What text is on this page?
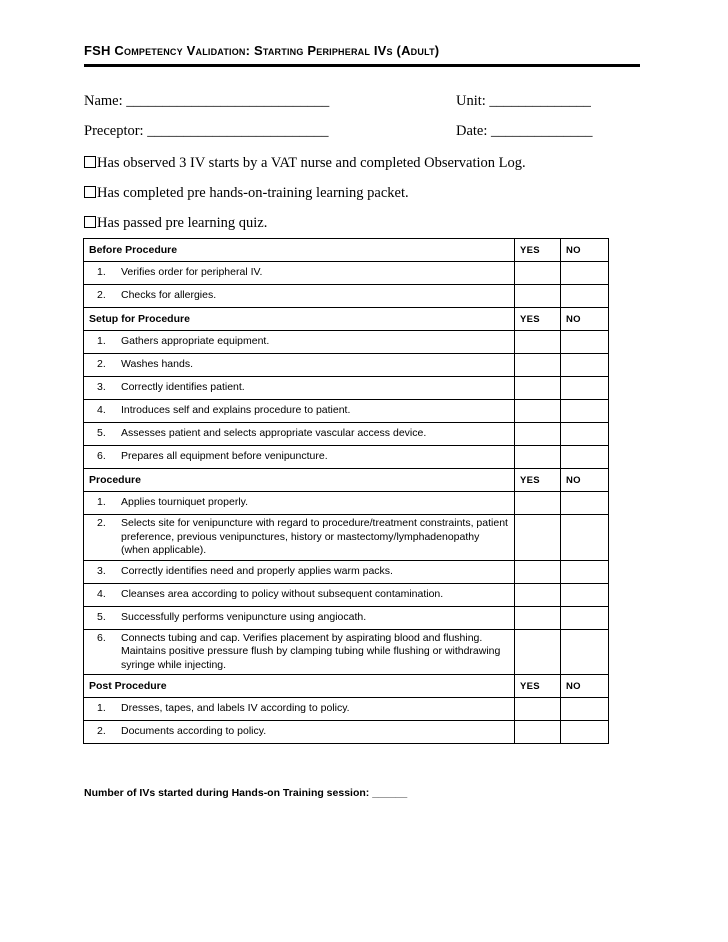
FSH Competency Validation: Starting Peripheral IVs (Adult)
Name: ____________________________	Unit: ______________
Preceptor: _________________________	Date: ______________
Has observed 3 IV starts by a VAT nurse and completed Observation Log.
Has completed pre hands-on-training learning packet.
Has passed pre learning quiz.
Before Procedure	YES	NO

1. Verifies order for peripheral IV.		

2. Checks for allergies.		

Setup for Procedure	YES	NO

1. Gathers appropriate equipment.		

2. Washes hands.		

3. Correctly identifies patient.		

4. Introduces self and explains procedure to patient.		

5. Assesses patient and selects appropriate vascular access device.		

6. Prepares all equipment before venipuncture.		

Procedure	YES	NO

1. Applies tourniquet properly.		

2. Selects site for venipuncture with regard to procedure/treatment constraints, patient preference, previous venipunctures, history or mastectomy/lymphadenopathy (when applicable).		

3. Correctly identifies need and properly applies warm packs.		

4. Cleanses area according to policy without subsequent contamination.		

5. Successfully performs venipuncture using angiocath.		

6. Connects tubing and cap. Verifies placement by aspirating blood and flushing. Maintains positive pressure flush by clamping tubing while flushing or withdrawing syringe while injecting.		

Post Procedure	YES	NO

1. Dresses, tapes, and labels IV according to policy.		

2. Documents according to policy.		

Number of IVs started during Hands-on Training session: ______
